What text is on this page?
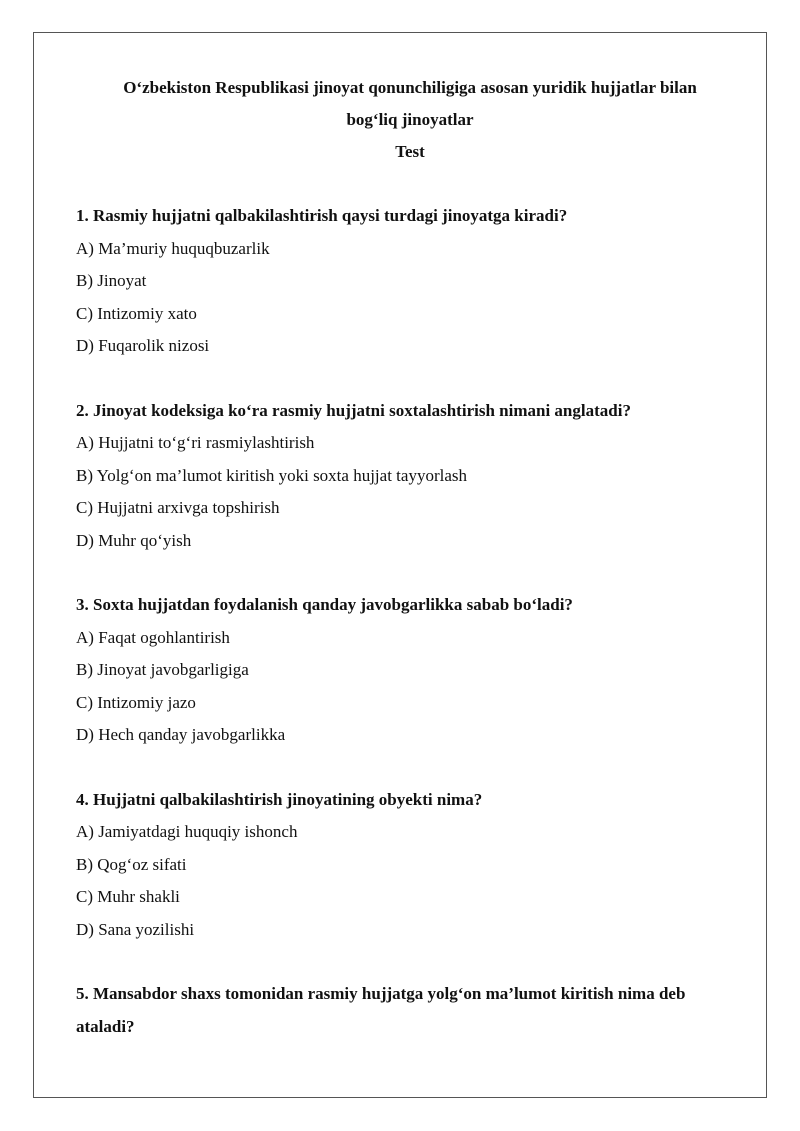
O‘zbekiston Respublikasi jinoyat qonunchiligiga asosan yuridik hujjatlar bilan

bog‘liq jinoyatlar

Test

1. Rasmiy hujjatni qalbakilashtirish qaysi turdagi jinoyatga kiradi?

A) Ma’muriy huquqbuzarlik

B) Jinoyat

C) Intizomiy xato

D) Fuqarolik nizosi

2. Jinoyat kodeksiga ko‘ra rasmiy hujjatni soxtalashtirish nimani anglatadi?

A) Hujjatni to‘g‘ri rasmiylashtirish

B) Yolg‘on ma’lumot kiritish yoki soxta hujjat tayyorlash

C) Hujjatni arxivga topshirish

D) Muhr qo‘yish

3. Soxta hujjatdan foydalanish qanday javobgarlikka sabab bo‘ladi?

A) Faqat ogohlantirish

B) Jinoyat javobgarligiga

C) Intizomiy jazo

D) Hech qanday javobgarlikka

4. Hujjatni qalbakilashtirish jinoyatining obyekti nima?

A) Jamiyatdagi huquqiy ishonch

B) Qog‘oz sifati

C) Muhr shakli

D) Sana yozilishi

5. Mansabdor shaxs tomonidan rasmiy hujjatga yolg‘on ma’lumot kiritish nima deb ataladi?
